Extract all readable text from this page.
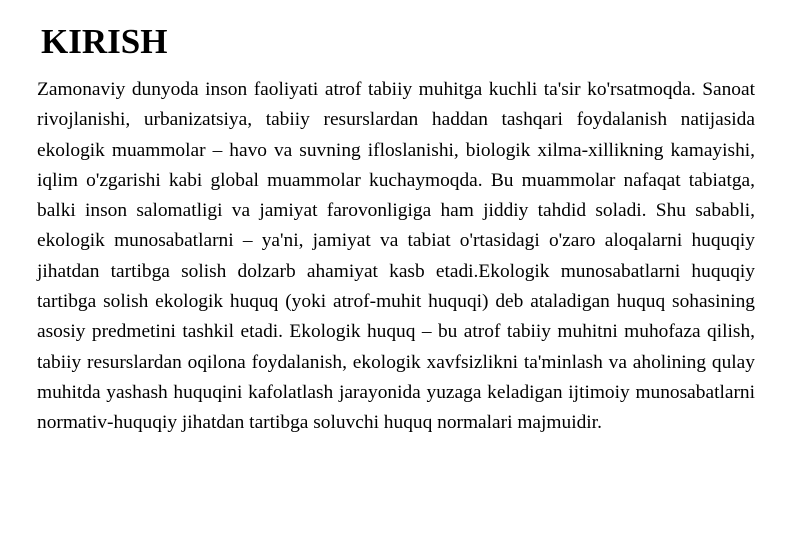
KIRISH

Zamonaviy dunyoda inson faoliyati atrof tabiiy muhitga kuchli ta'sir ko'rsatmoqda. Sanoat rivojlanishi, urbanizatsiya, tabiiy resurslardan haddan tashqari foydalanish natijasida ekologik muammolar – havo va suvning ifloslanishi, biologik xilma-xillikning kamayishi, iqlim o'zgarishi kabi global muammolar kuchaymoqda. Bu muammolar nafaqat tabiatga, balki inson salomatligi va jamiyat farovonligiga ham jiddiy tahdid soladi. Shu sababli, ekologik munosabatlarni – ya'ni, jamiyat va tabiat o'rtasidagi o'zaro aloqalarni huquqiy jihatdan tartibga solish dolzarb ahamiyat kasb etadi.Ekologik munosabatlarni huquqiy tartibga solish ekologik huquq (yoki atrof-muhit huquqi) deb ataladigan huquq sohasining asosiy predmetini tashkil etadi. Ekologik huquq – bu atrof tabiiy muhitni muhofaza qilish, tabiiy resurslardan oqilona foydalanish, ekologik xavfsizlikni ta'minlash va aholining qulay muhitda yashash huquqini kafolatlash jarayonida yuzaga keladigan ijtimoiy munosabatlarni normativ-huquqiy jihatdan tartibga soluvchi huquq normalari majmuidir.
